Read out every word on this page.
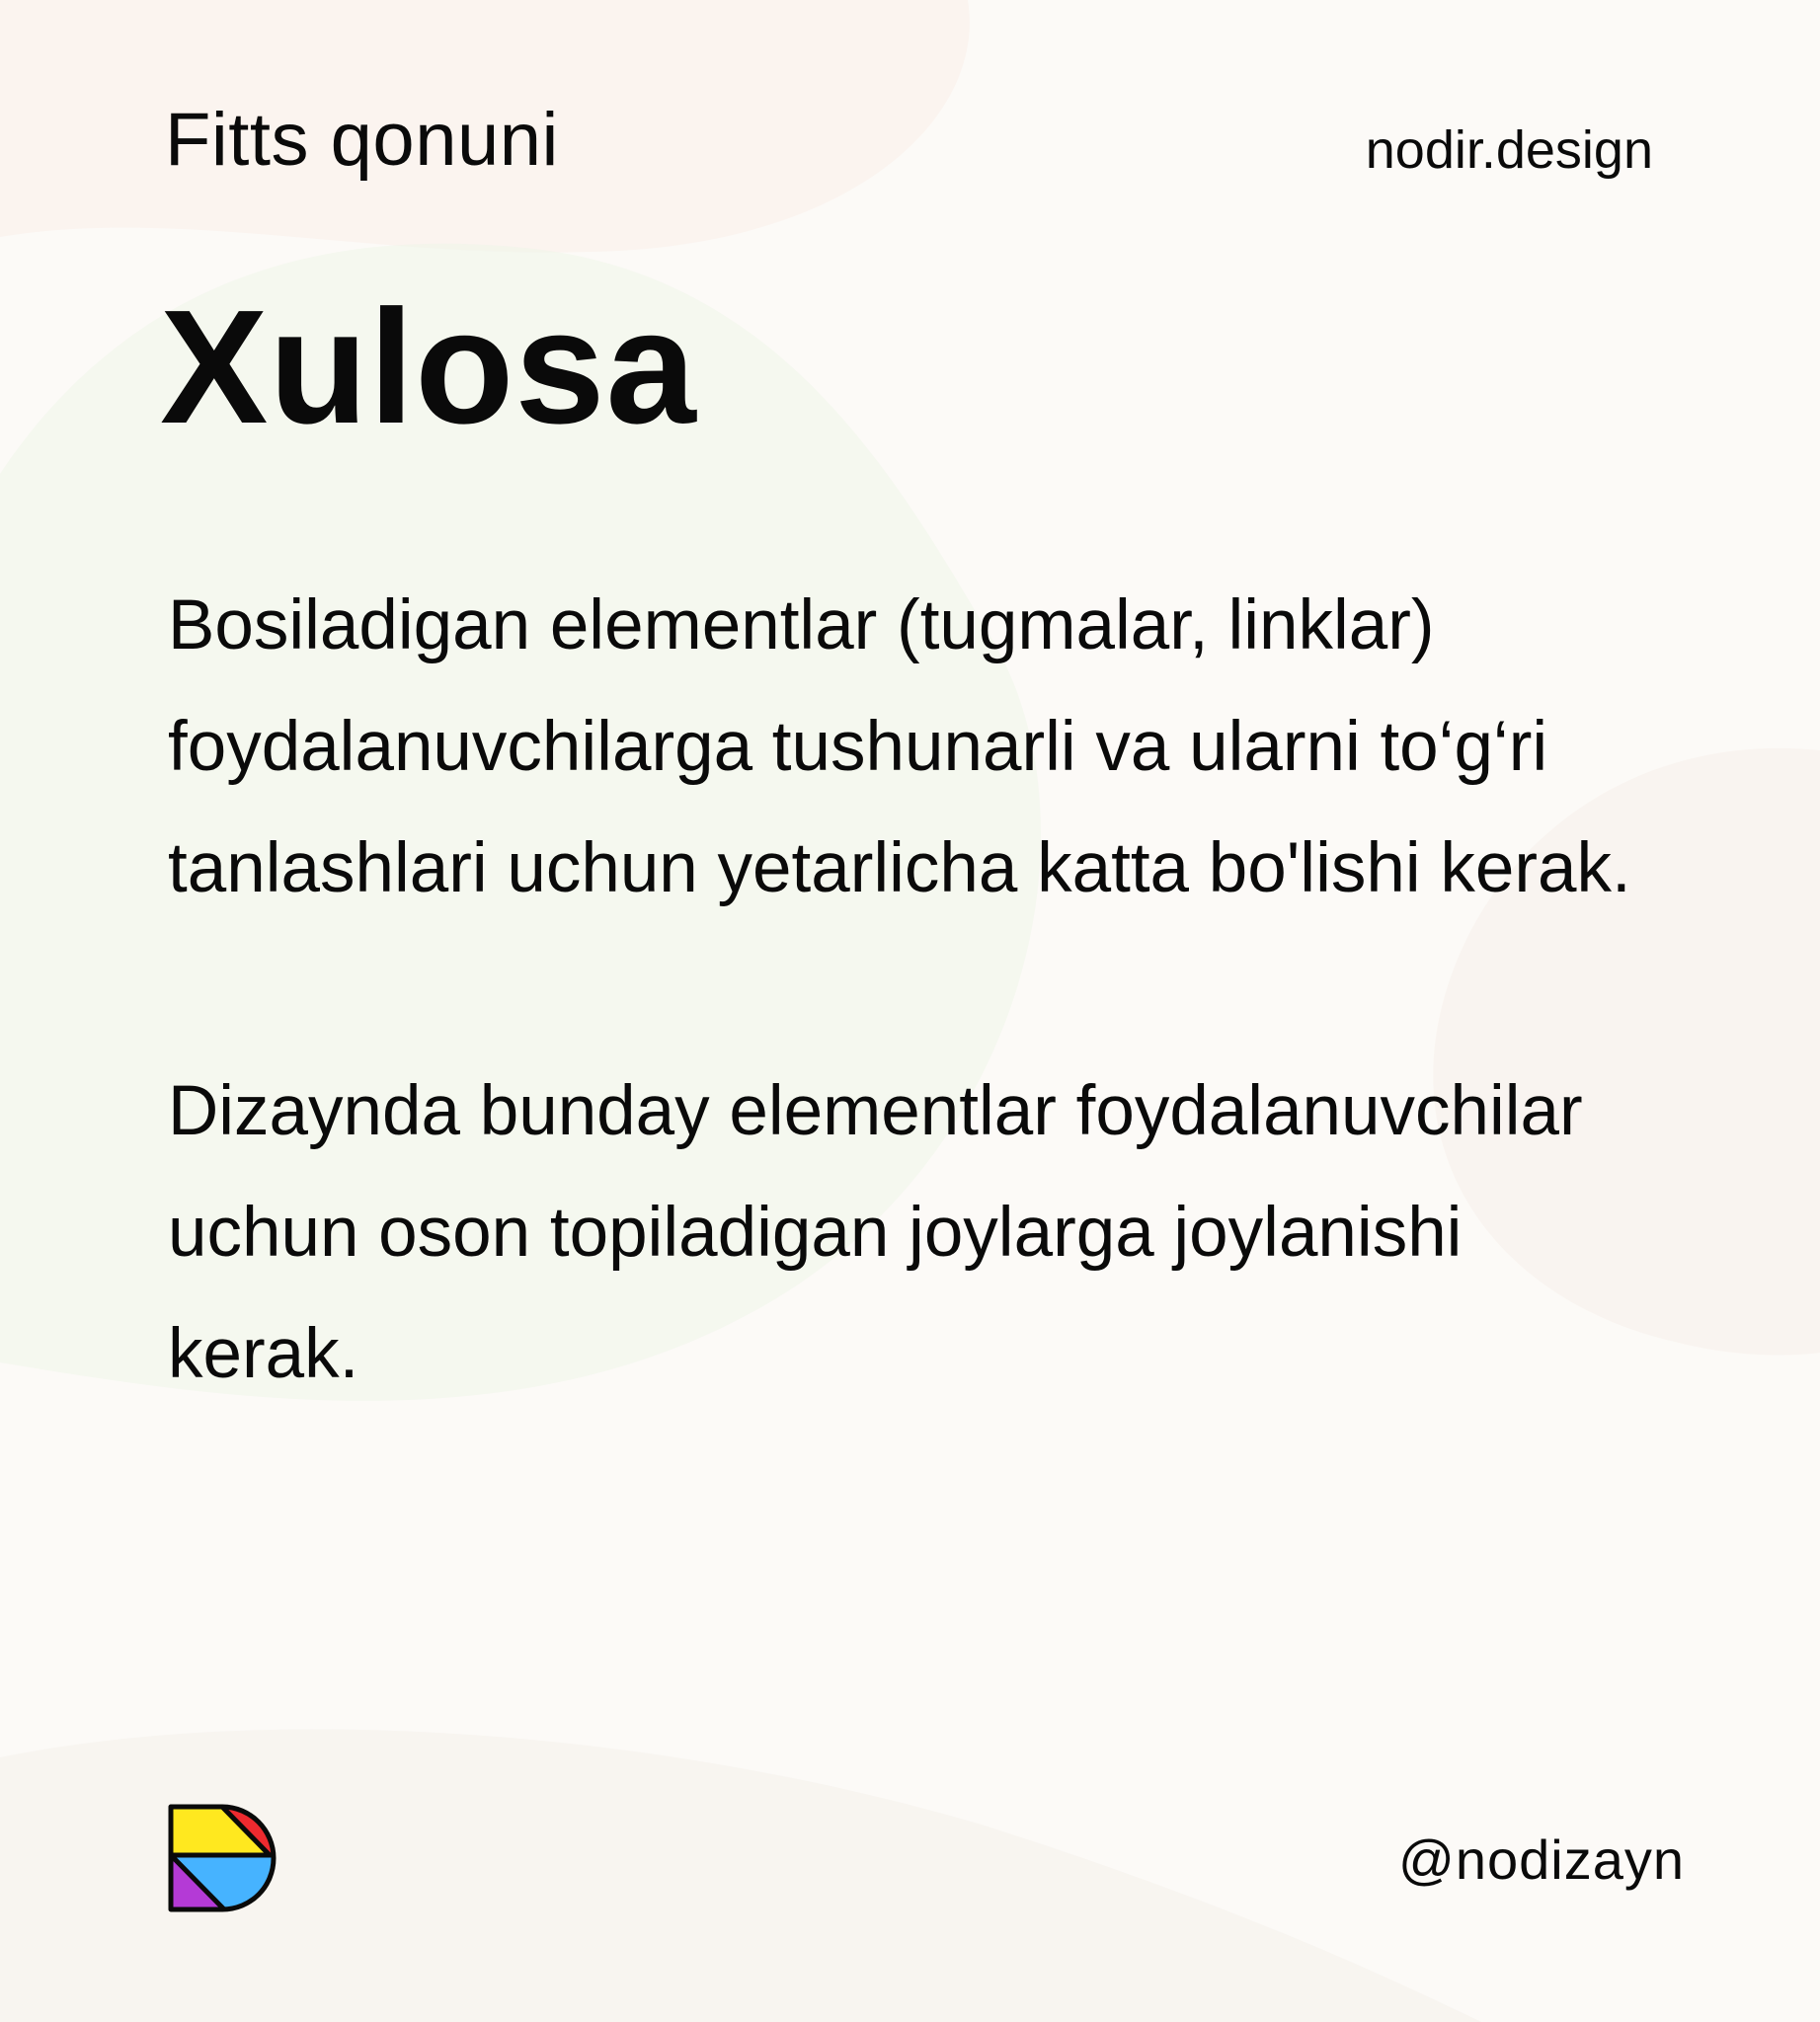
Fitts qonuni	nodir.design
Xulosa

Bosiladigan elementlar (tugmalar, linklar) foydalanuvchilarga tushunarli va ularni to‘g‘ri tanlashlari uchun yetarlicha katta bo'lishi kerak.

Dizaynda bunday elementlar foydalanuvchilar uchun oson topiladigan joylarga joylanishi kerak.

@nodizayn
